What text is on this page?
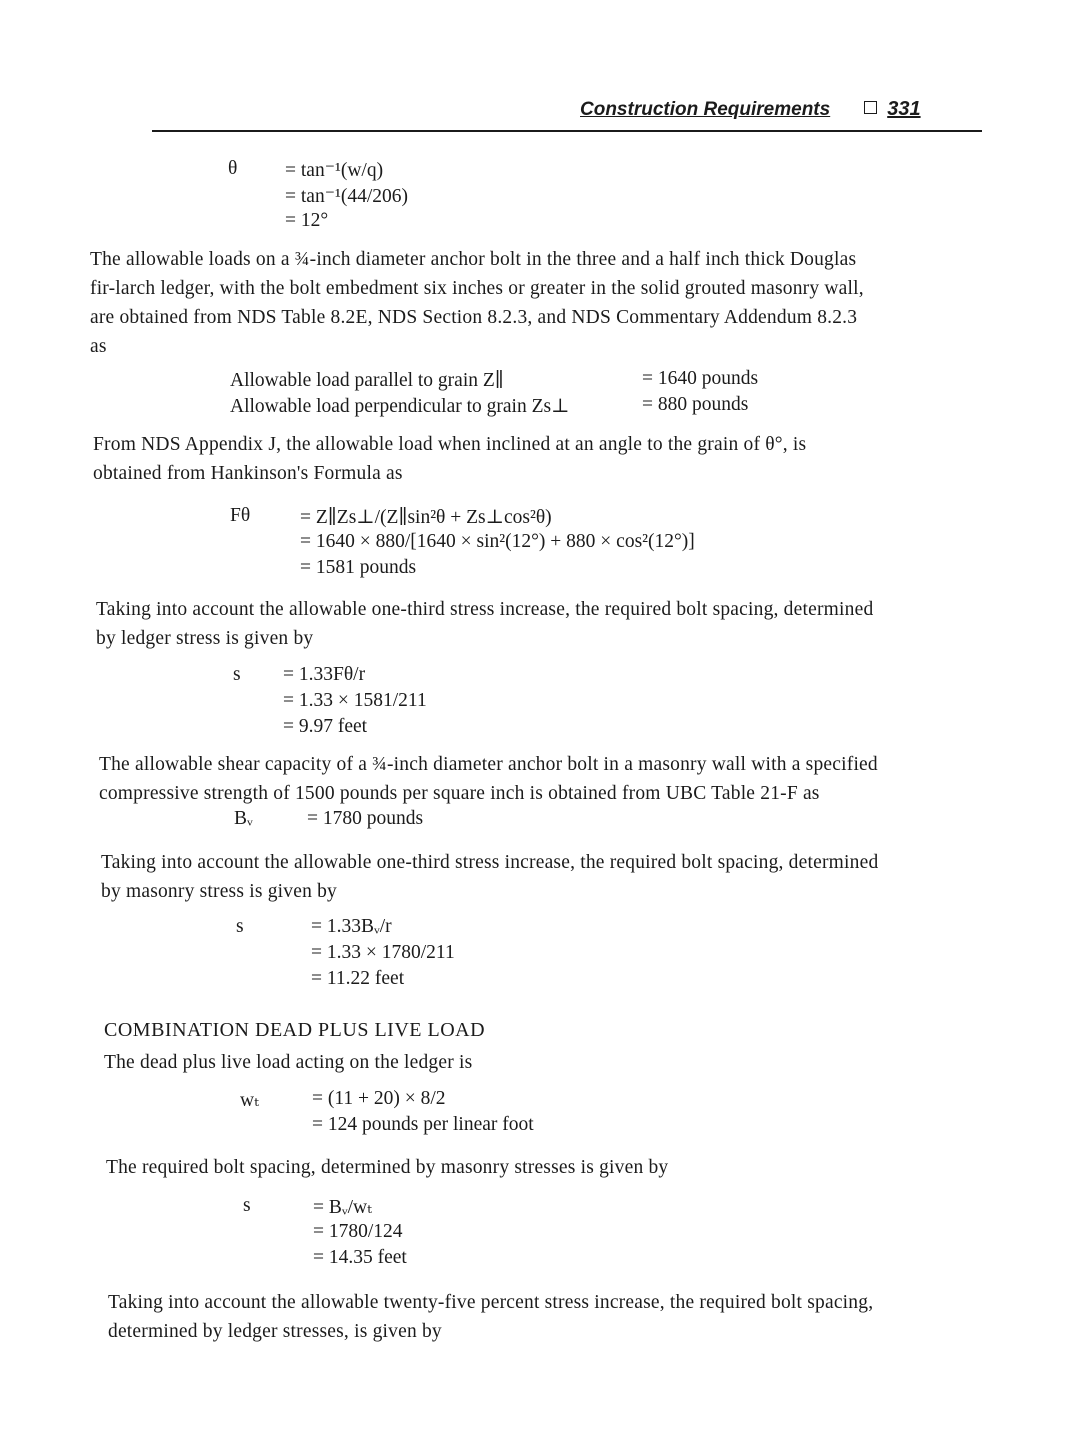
Construction Requirements	331
θ = tan⁻¹(w/q)
= tan⁻¹(44/206)
= 12°
The allowable loads on a ¾-inch diameter anchor bolt in the three and a half inch thick Douglas
fir-larch ledger, with the bolt embedment six inches or greater in the solid grouted masonry wall,
are obtained from NDS Table 8.2E, NDS Section 8.2.3, and NDS Commentary Addendum 8.2.3
as
Allowable load parallel to grain Z∥	= 1640 pounds
Allowable load perpendicular to grain Zs⊥	= 880 pounds
From NDS Appendix J, the allowable load when inclined at an angle to the grain of θ°, is
obtained from Hankinson's Formula as
Fθ	= Z∥Zs⊥/(Z∥sin²θ + Zs⊥cos²θ)
= 1640 × 880/[1640 × sin²(12°) + 880 × cos²(12°)]
= 1581 pounds
Taking into account the allowable one-third stress increase, the required bolt spacing, determined
by ledger stress is given by
s = 1.33Fθ/r
= 1.33 × 1581/211
= 9.97 feet
The allowable shear capacity of a ¾-inch diameter anchor bolt in a masonry wall with a specified
compressive strength of 1500 pounds per square inch is obtained from UBC Table 21-F as
Bᵥ	= 1780 pounds
Taking into account the allowable one-third stress increase, the required bolt spacing, determined
by masonry stress is given by
s	= 1.33Bᵥ/r
= 1.33 × 1780/211
= 11.22 feet
COMBINATION DEAD PLUS LIVE LOAD
The dead plus live load acting on the ledger is
wₜ	= (11 + 20) × 8/2
= 124 pounds per linear foot
The required bolt spacing, determined by masonry stresses is given by
s	= Bᵥ/wₜ
= 1780/124
= 14.35 feet
Taking into account the allowable twenty-five percent stress increase, the required bolt spacing,
determined by ledger stresses, is given by
